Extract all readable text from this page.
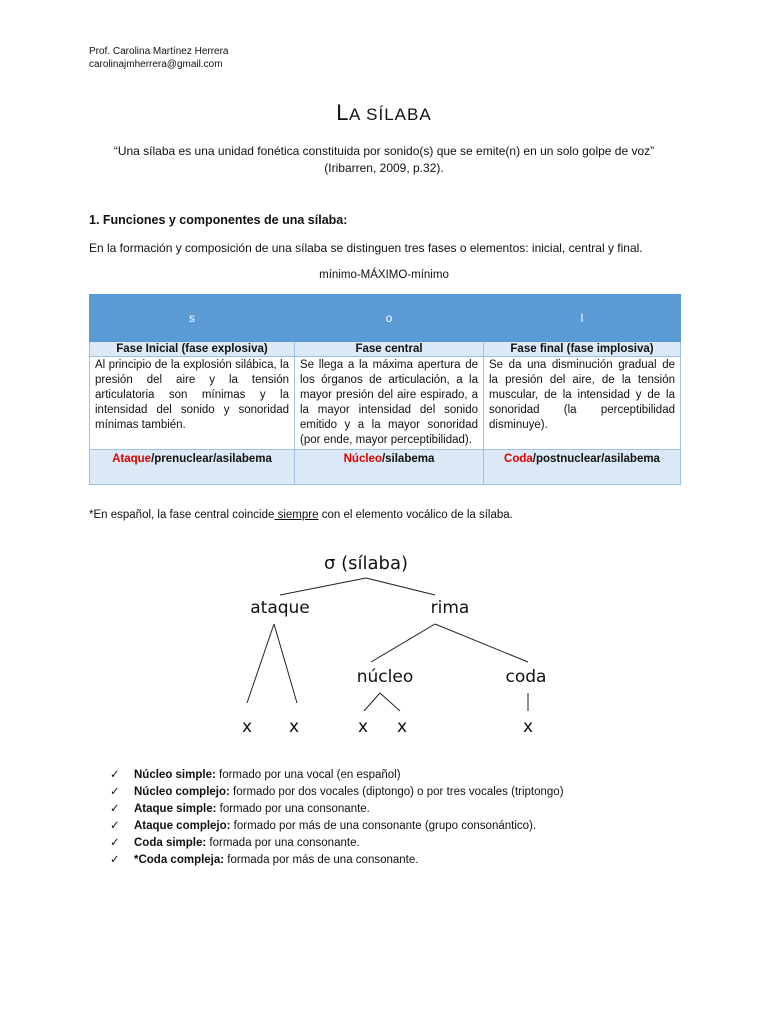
Prof. Carolina Martínez Herrera
carolinajmherrera@gmail.com
LA SÍLABA
“Una sílaba es una unidad fonética constituida por sonido(s) que se emite(n) en un solo golpe de voz”
(Iribarren, 2009, p.32).
1. Funciones y componentes de una sílaba:
En la formación y composición de una sílaba se distinguen tres fases o elementos: inicial, central y final.
mínimo-MÁXIMO-mínimo
s	o	l
Fase Inicial (fase explosiva)	Fase central	Fase final (fase implosiva)
Al principio de la explosión silábica, la presión del aire y la tensión articulatoria son mínimas y la intensidad del sonido y sonoridad mínimas también.	Se llega a la máxima apertura de los órganos de articulación, a la mayor presión del aire espirado, a la mayor intensidad del sonido emitido y a la mayor sonoridad (por ende, mayor perceptibilidad).	Se da una disminución gradual de la presión del aire, de la tensión muscular, de la intensidad y de la sonoridad (la perceptibilidad disminuye).
Ataque/prenuclear/asilabema	Núcleo/silabema	Coda/postnuclear/asilabema
*En español, la fase central coincide siempre con el elemento vocálico de la sílaba.
σ (sílaba)
ataque	rima
núcleo	coda
x x	x x	x
✓ Núcleo simple: formado por una vocal (en español)
✓ Núcleo complejo: formado por dos vocales (diptongo) o por tres vocales (triptongo)
✓ Ataque simple: formado por una consonante.
✓ Ataque complejo: formado por más de una consonante (grupo consonántico).
✓ Coda simple: formada por una consonante.
✓ *Coda compleja: formada por más de una consonante.
